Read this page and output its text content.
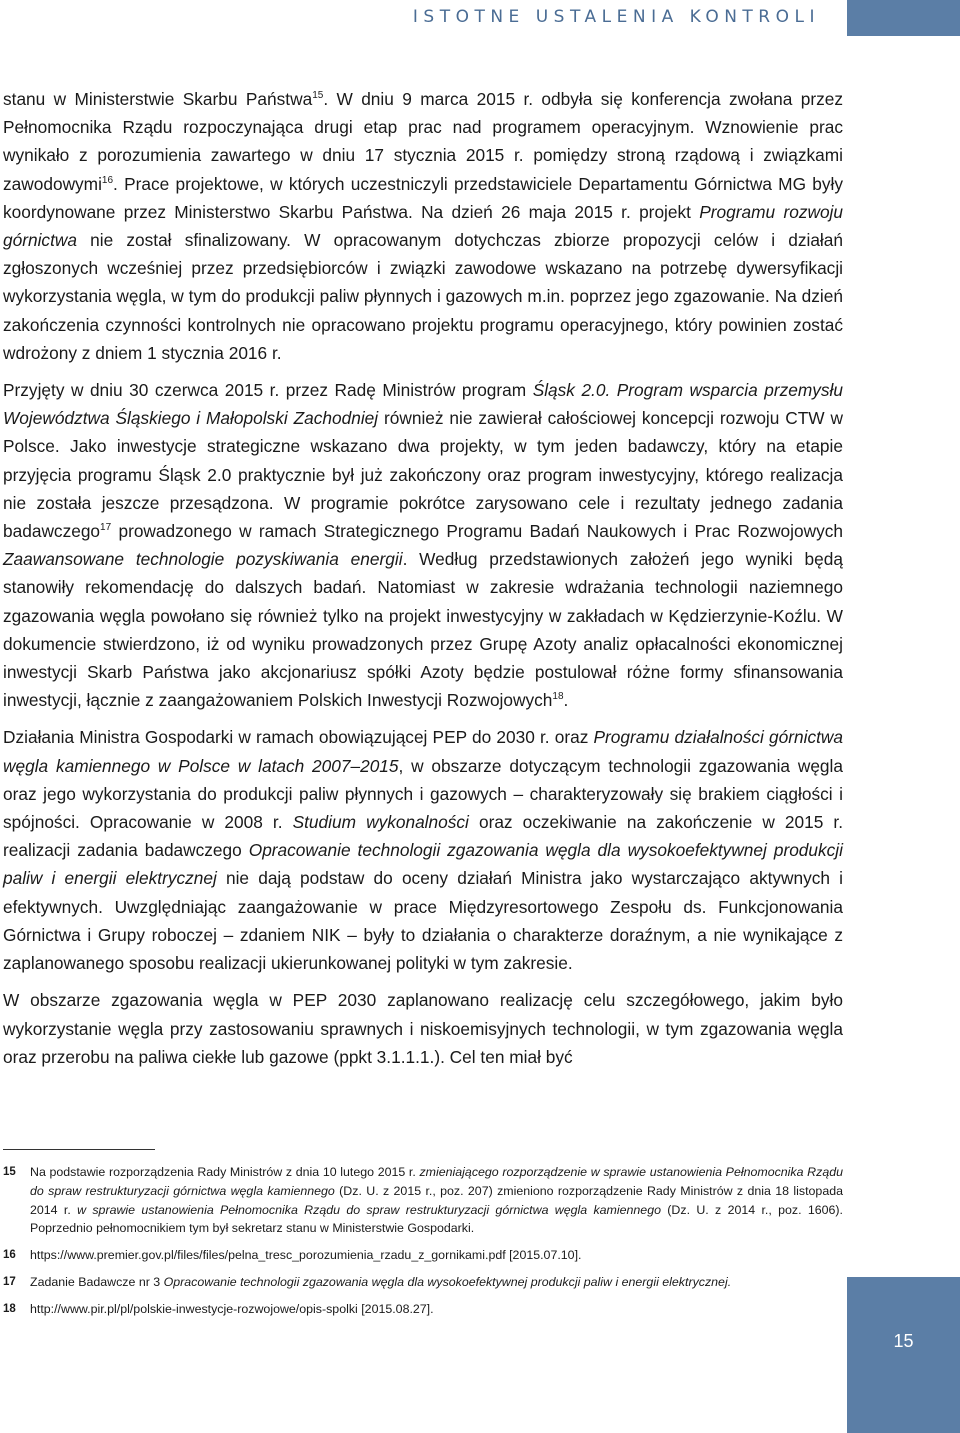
ISTOTNE USTALENIA KONTROLI

stanu w Ministerstwie Skarbu Państwa$^{15}$. W dniu 9 marca 2015 r. odbyła się konferencja zwołana przez Pełnomocnika Rządu rozpoczynająca drugi etap prac nad programem operacyjnym. Wznowienie prac wynikało z porozumienia zawartego w dniu 17 stycznia 2015 r. pomiędzy stroną rządową i związkami zawodowymi$^{16}$. Prace projektowe, w których uczestniczyli przedstawiciele Departamentu Górnictwa MG były koordynowane przez Ministerstwo Skarbu Państwa. Na dzień 26 maja 2015 r. projekt Programu rozwoju górnictwa nie został sfinalizowany. W opracowanym dotychczas zbiorze propozycji celów i działań zgłoszonych wcześniej przez przedsiębiorców i związki zawodowe wskazano na potrzebę dywersyfikacji wykorzystania węgla, w tym do produkcji paliw płynnych i gazowych m.in. poprzez jego zgazowanie. Na dzień zakończenia czynności kontrolnych nie opracowano projektu programu operacyjnego, który powinien zostać wdrożony z dniem 1 stycznia 2016 r.

Przyjęty w dniu 30 czerwca 2015 r. przez Radę Ministrów program Śląsk 2.0. Program wsparcia przemysłu Województwa Śląskiego i Małopolski Zachodniej również nie zawierał całościowej koncepcji rozwoju CTW w Polsce. Jako inwestycje strategiczne wskazano dwa projekty, w tym jeden badawczy, który na etapie przyjęcia programu Śląsk 2.0 praktycznie był już zakończony oraz program inwestycyjny, którego realizacja nie została jeszcze przesądzona. W programie pokrótce zarysowano cele i rezultaty jednego zadania badawczego$^{17}$ prowadzonego w ramach Strategicznego Programu Badań Naukowych i Prac Rozwojowych Zaawansowane technologie pozyskiwania energii. Według przedstawionych założeń jego wyniki będą stanowiły rekomendację do dalszych badań. Natomiast w zakresie wdrażania technologii naziemnego zgazowania węgla powołano się również tylko na projekt inwestycyjny w zakładach w Kędzierzynie-Koźlu. W dokumencie stwierdzono, iż od wyniku prowadzonych przez Grupę Azoty analiz opłacalności ekonomicznej inwestycji Skarb Państwa jako akcjonariusz spółki Azoty będzie postulował różne formy sfinansowania inwestycji, łącznie z zaangażowaniem Polskich Inwestycji Rozwojowych$^{18}$.

Działania Ministra Gospodarki w ramach obowiązującej PEP do 2030 r. oraz Programu działalności górnictwa węgla kamiennego w Polsce w latach 2007–2015, w obszarze dotyczącym technologii zgazowania węgla oraz jego wykorzystania do produkcji paliw płynnych i gazowych – charakteryzowały się brakiem ciągłości i spójności. Opracowanie w 2008 r. Studium wykonalności oraz oczekiwanie na zakończenie w 2015 r. realizacji zadania badawczego Opracowanie technologii zgazowania węgla dla wysokoefektywnej produkcji paliw i energii elektrycznej nie dają podstaw do oceny działań Ministra jako wystarczająco aktywnych i efektywnych. Uwzględniając zaangażowanie w prace Międzyresortowego Zespołu ds. Funkcjonowania Górnictwa i Grupy roboczej – zdaniem NIK – były to działania o charakterze doraźnym, a nie wynikające z zaplanowanego sposobu realizacji ukierunkowanej polityki w tym zakresie.

W obszarze zgazowania węgla w PEP 2030 zaplanowano realizację celu szczegółowego, jakim było wykorzystanie węgla przy zastosowaniu sprawnych i niskoemisyjnych technologii, w tym zgazowania węgla oraz przerobu na paliwa ciekłe lub gazowe (ppkt 3.1.1.1.). Cel ten miał być

15	Na podstawie rozporządzenia Rady Ministrów z dnia 10 lutego 2015 r. zmieniającego rozporządzenie w sprawie ustanowienia Pełnomocnika Rządu do spraw restrukturyzacji górnictwa węgla kamiennego (Dz. U. z 2015 r., poz. 207) zmieniono rozporządzenie Rady Ministrów z dnia 18 listopada 2014 r. w sprawie ustanowienia Pełnomocnika Rządu do spraw restrukturyzacji górnictwa węgla kamiennego (Dz. U. z 2014 r., poz. 1606). Poprzednio pełnomocnikiem tym był sekretarz stanu w Ministerstwie Gospodarki.
16	https://www.premier.gov.pl/files/files/pelna_tresc_porozumienia_rzadu_z_gornikami.pdf [2015.07.10].
17	Zadanie Badawcze nr 3 Opracowanie technologii zgazowania węgla dla wysokoefektywnej produkcji paliw i energii elektrycznej.
18	http://www.pir.pl/pl/polskie-inwestycje-rozwojowe/opis-spolki [2015.08.27].
15
